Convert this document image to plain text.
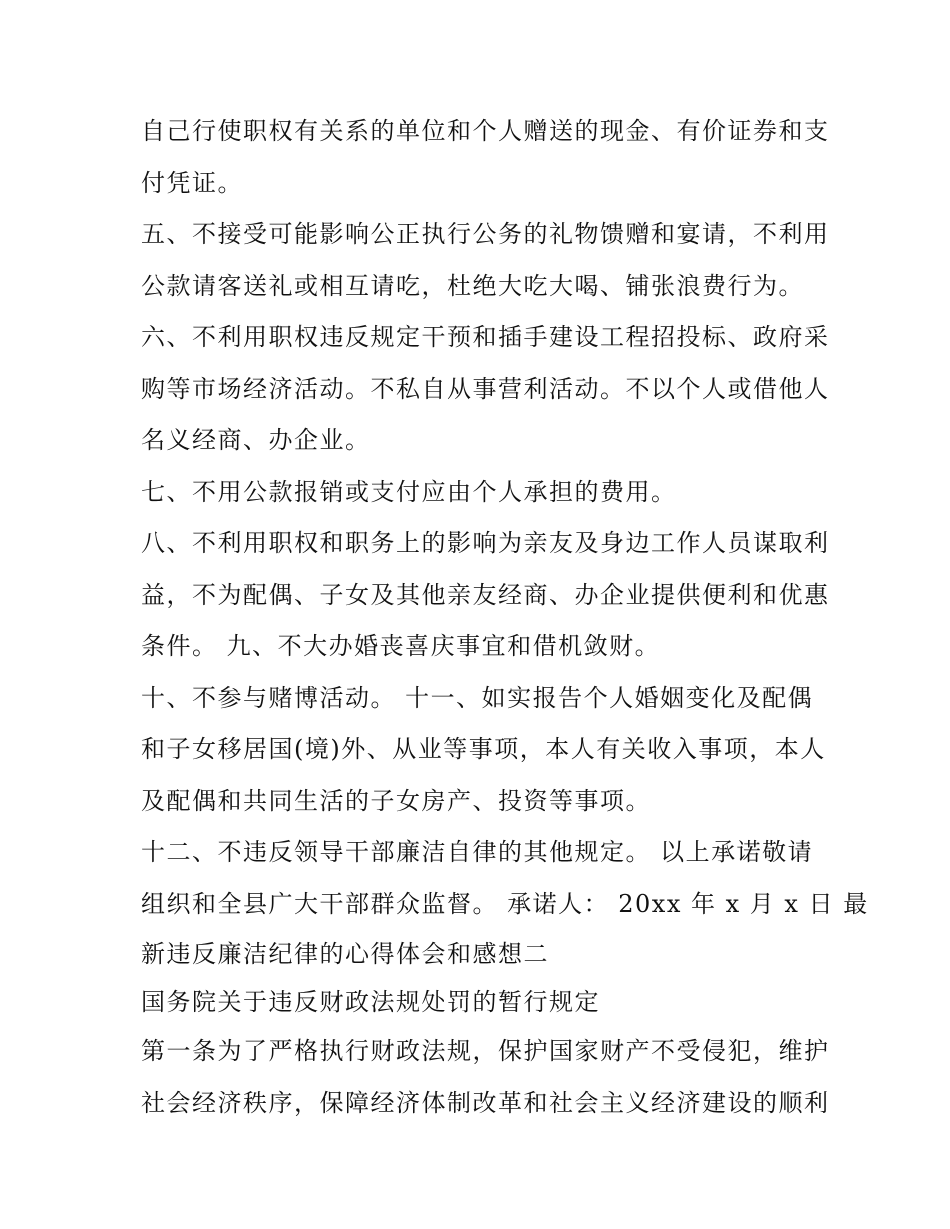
自己行使职权有关系的单位和个人赠送的现金、有价证券和支
付凭证。
五、不接受可能影响公正执行公务的礼物馈赠和宴请，不利用
公款请客送礼或相互请吃，杜绝大吃大喝、铺张浪费行为。
六、不利用职权违反规定干预和插手建设工程招投标、政府采
购等市场经济活动。不私自从事营利活动。不以个人或借他人
名义经商、办企业。
七、不用公款报销或支付应由个人承担的费用。
八、不利用职权和职务上的影响为亲友及身边工作人员谋取利
益，不为配偶、子女及其他亲友经商、办企业提供便利和优惠
条件。 九、不大办婚丧喜庆事宜和借机敛财。
十、不参与赌博活动。 十一、如实报告个人婚姻变化及配偶
和子女移居国(境)外、从业等事项，本人有关收入事项，本人
及配偶和共同生活的子女房产、投资等事项。
十二、不违反领导干部廉洁自律的其他规定。 以上承诺敬请
组织和全县广大干部群众监督。 承诺人： 20xx 年 x 月 x 日 最
新违反廉洁纪律的心得体会和感想二
国务院关于违反财政法规处罚的暂行规定
第一条为了严格执行财政法规，保护国家财产不受侵犯，维护
社会经济秩序，保障经济体制改革和社会主义经济建设的顺利
